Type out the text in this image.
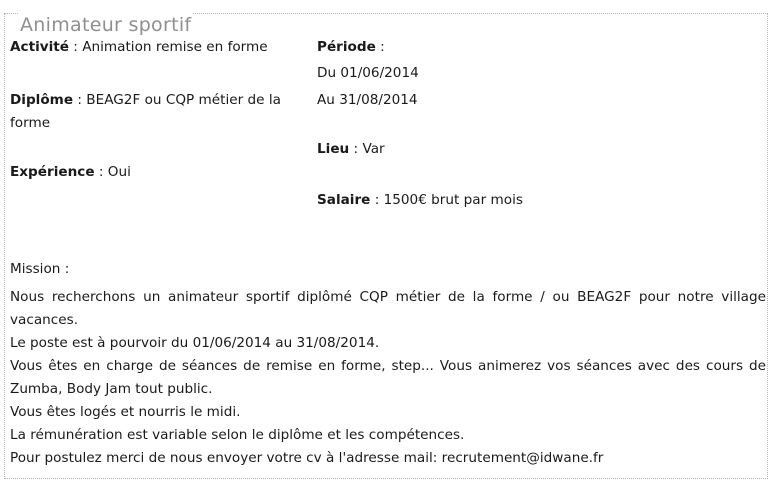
Animateur sportif
Activité : Animation remise en forme
Diplôme : BEAG2F ou CQP métier de la
forme
Expérience : Oui
Période :
Du 01/06/2014
Au 31/08/2014
Lieu : Var
Salaire : 1500€ brut par mois
Mission :

Nous recherchons un animateur sportif diplômé CQP métier de la forme / ou BEAG2F pour notre village vacances.

Le poste est à pourvoir du 01/06/2014 au 31/08/2014.

Vous êtes en charge de séances de remise en forme, step... Vous animerez vos séances avec des cours de Zumba, Body Jam tout public.

Vous êtes logés et nourris le midi.

La rémunération est variable selon le diplôme et les compétences.

Pour postulez merci de nous envoyer votre cv à l'adresse mail: recrutement@idwane.fr
